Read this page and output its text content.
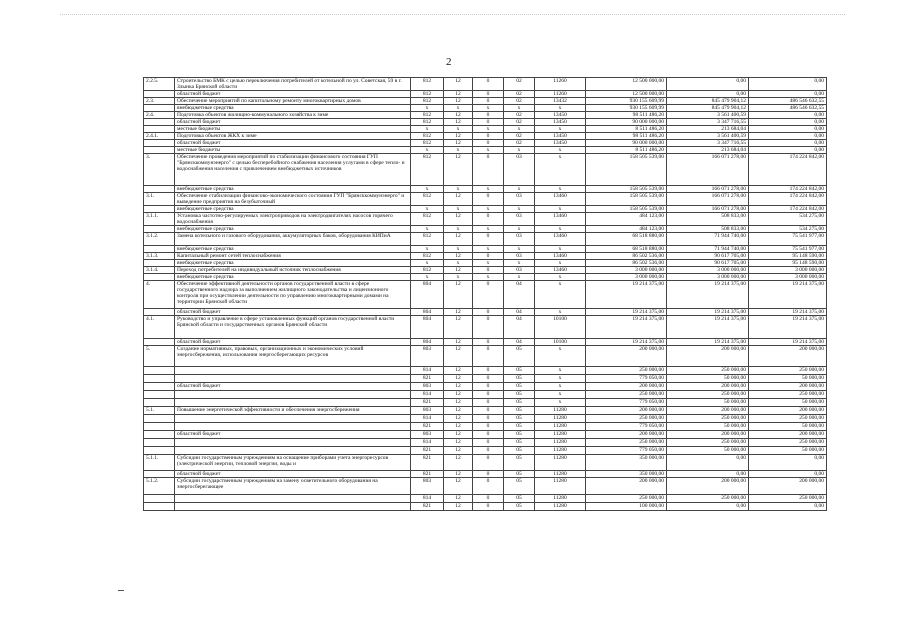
2
2.2.5.	Строительство БМК с целью переключения потребителей от котельной по ул. Советская, 59 в г. Злынка Брянской области	812	12	0	02	11260	12 500 000,00	0,00	0,00
	областной бюджет	812	12	0	02	11260	12 500 000,00	0,00	0,00
2.3.	Обеспечение мероприятий по капитальному ремонту многоквартирных домов	812	12	0	02	13432	930 155 609,99	845 479 904,12	486 546 632,55
	внебюджетные средства	x	x	x	x	x	930 155 609,99	845 479 904,12	486 546 632,55
2.4.	Подготовка объектов жилищно-коммунального хозяйства к зиме	812	12	0	02	13450	98 511 486,20	3 561 400,59	0,00
	областной бюджет	812	12	0	02	13450	90 000 000,00	3 347 716,55	0,00
	местные бюджеты	x	x	x	x	x	8 511 486,20	213 684,04	0,00
2.4.1.	Подготовка объектов ЖКХ к зиме	812	12	0	02	13450	98 511 486,20	3 561 400,59	0,00
	областной бюджет	812	12	0	02	13450	90 000 000,00	3 347 716,55	0,00
	местные бюджеты	x	x	x	x	x	8 511 486,20	213 684,04	0,00
3.	Обеспечение проведения мероприятий по стабилизации финансового состояния ГУП "Брянсккоммунэнерго" с целью бесперебойного снабжения населения услугами в сфере тепло- и водоснабжения населения с привлечением внебюджетных источников	812	12	0	03	x	158 505 539,00	166 071 278,00	174 224 842,00
	внебюджетные средства	x	x	x	x	x	158 505 539,00	166 071 278,00	174 224 842,00
3.1.	Обеспечение стабилизации финансово-экономического состояния ГУП "Брянсккоммунэнерго" и выведение предприятия на безубыточный	812	12	0	03	13460	158 505 539,00	166 071 278,00	174 224 842,00
	внебюджетные средства	x	x	x	x	x	158 505 539,00	166 071 278,00	174 224 842,00
3.1.1.	Установка частотно-регулируемых электроприводов на электродвигателях насосов горячего водоснабжения	812	12	0	03	13460	484 123,00	508 833,00	534 275,00
	внебюджетные средства	x	x	x	x	x	484 123,00	508 833,00	534 275,00
3.1.2.	Замена котельного и газового оборудования, аккумуляторных баков, оборудования КИПиА	812	12	0	03	13460	68 518 880,00	71 944 740,00	75 541 977,00
	внебюджетные средства	x	x	x	x	x	68 518 880,00	71 944 740,00	75 541 977,00
3.1.3.	Капитальный ремонт сетей теплоснабжения	812	12	0	03	13460	86 502 536,00	90 617 705,00	95 148 590,00
	внебюджетные средства	x	x	x	x	x	86 502 536,00	90 617 705,00	95 148 590,00
3.1.4.	Переход потребителей на индивидуальный источник теплоснабжения	812	12	0	03	13460	3 000 000,00	3 000 000,00	3 000 000,00
	внебюджетные средства	x	x	x	x	x	3 000 000,00	3 000 000,00	3 000 000,00
4.	Обеспечение эффективной деятельности органов государственной власти в сфере государственного надзора за выполнением жилищного законодательства и лицензионного контроля при осуществлении деятельности по управлению многоквартирными домами на территории Брянской области	804	12	0	04	x	19 214 375,00	19 214 375,00	19 214 375,00
	областной бюджет	804	12	0	04	x	19 214 375,00	19 214 375,00	19 214 375,00
4.1.	Руководство и управление в сфере установленных функций органов государственной власти Брянской области и государственных органов Брянской области	804	12	0	04	10100	19 214 375,00	19 214 375,00	19 214 375,00
	областной бюджет	804	12	0	04	10100	19 214 375,00	19 214 375,00	19 214 375,00
5.	Создание нормативных, правовых, организационных и экономических условий энергосбережения, использования энергосберегающих ресурсов	803	12	0	05	x	200 000,00	200 000,00	200 000,00
		814	12	0	05	x	250 000,00	250 000,00	250 000,00
		821	12	0	05	x	779 050,00	50 000,00	50 000,00
	областной бюджет	803	12	0	05	x	200 000,00	200 000,00	200 000,00
		814	12	0	05	x	250 000,00	250 000,00	250 000,00
		821	12	0	05	x	779 050,00	50 000,00	50 000,00
5.1.	Повышение энергетической эффективности и обеспечения энергосбережения	803	12	0	05	11280	200 000,00	200 000,00	200 000,00
		814	12	0	05	11280	250 000,00	250 000,00	250 000,00
		821	12	0	05	11280	779 050,00	50 000,00	50 000,00
	областной бюджет	803	12	0	05	11280	200 000,00	200 000,00	200 000,00
		814	12	0	05	11280	250 000,00	250 000,00	250 000,00
		821	12	0	05	11280	779 050,00	50 000,00	50 000,00
5.1.1.	Субсидии государственным учреждениям на оснащение приборами учета энергоресурсов (электрической энергии, тепловой энергии, воды и	821	12	0	05	11280	350 000,00	0,00	0,00
	областной бюджет	821	12	0	05	11280	350 000,00	0,00	0,00
5.1.2.	Субсидии государственным учреждениям на замену осветительного оборудования на энергосберегающее	803	12	0	05	11280	200 000,00	200 000,00	200 000,00
		814	12	0	05	11280	250 000,00	250 000,00	250 000,00
		821	12	0	05	11280	100 000,00	0,00	0,00
